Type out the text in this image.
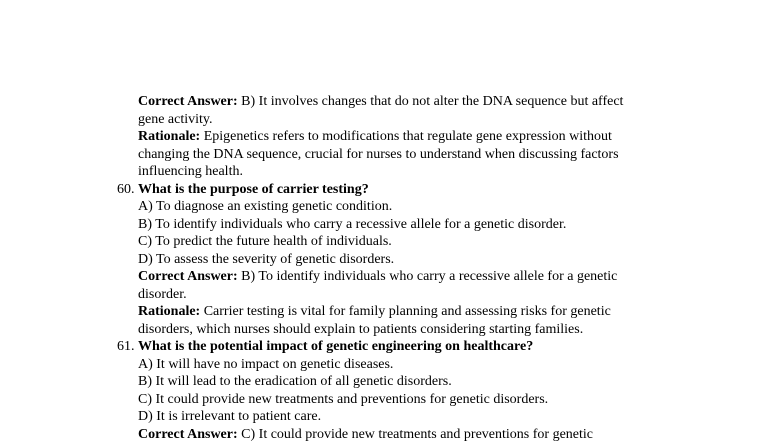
Correct Answer: B) It involves changes that do not alter the DNA sequence but affect
gene activity.
Rationale: Epigenetics refers to modifications that regulate gene expression without
changing the DNA sequence, crucial for nurses to understand when discussing factors
influencing health.
60. What is the purpose of carrier testing?
A) To diagnose an existing genetic condition.
B) To identify individuals who carry a recessive allele for a genetic disorder.
C) To predict the future health of individuals.
D) To assess the severity of genetic disorders.
Correct Answer: B) To identify individuals who carry a recessive allele for a genetic
disorder.
Rationale: Carrier testing is vital for family planning and assessing risks for genetic
disorders, which nurses should explain to patients considering starting families.
61. What is the potential impact of genetic engineering on healthcare?
A) It will have no impact on genetic diseases.
B) It will lead to the eradication of all genetic disorders.
C) It could provide new treatments and preventions for genetic disorders.
D) It is irrelevant to patient care.
Correct Answer: C) It could provide new treatments and preventions for genetic
